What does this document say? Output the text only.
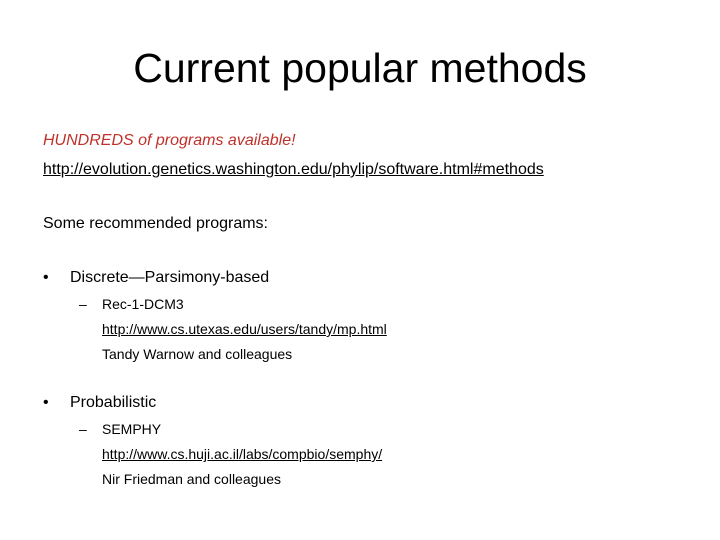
Current popular methods
HUNDREDS of programs available!
http://evolution.genetics.washington.edu/phylip/software.html#methods
Some recommended programs:
• Discrete—Parsimony-based
– Rec-1-DCM3
http://www.cs.utexas.edu/users/tandy/mp.html
Tandy Warnow and colleagues
• Probabilistic
– SEMPHY
http://www.cs.huji.ac.il/labs/compbio/semphy/
Nir Friedman and colleagues
